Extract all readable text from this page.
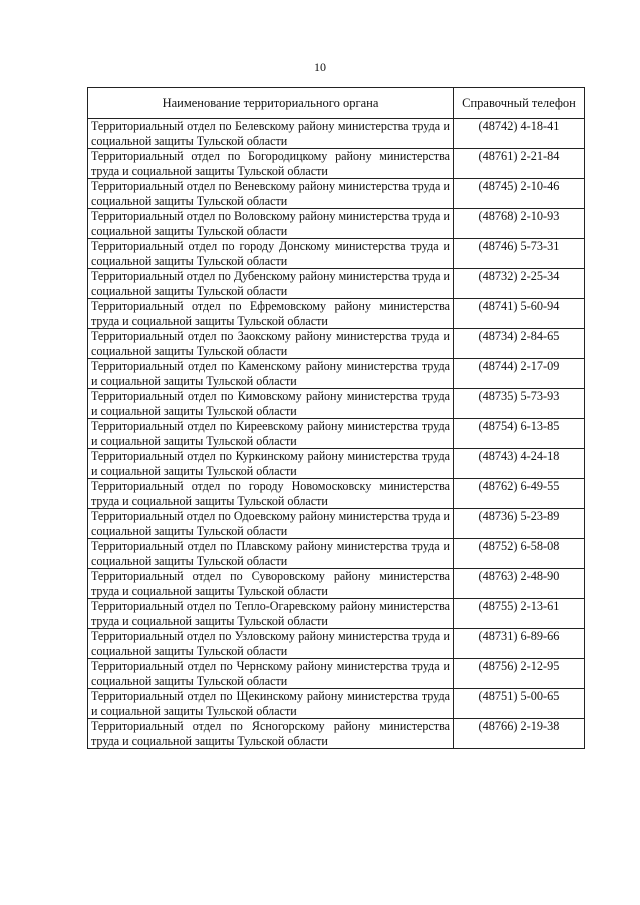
10
Наименование территориального органа	Справочный телефон
Территориальный отдел по Белевскому району министерства труда и социальной защиты Тульской области	(48742) 4-18-41
Территориальный отдел по Богородицкому району министерства труда и социальной защиты Тульской области	(48761) 2-21-84
Территориальный отдел по Веневскому району министерства труда и социальной защиты Тульской области	(48745) 2-10-46
Территориальный отдел по Воловскому району министерства труда и социальной защиты Тульской области	(48768) 2-10-93
Территориальный отдел по городу Донскому министерства труда и социальной защиты Тульской области	(48746) 5-73-31
Территориальный отдел по Дубенскому району министерства труда и социальной защиты Тульской области	(48732) 2-25-34
Территориальный отдел по Ефремовскому району министерства труда и социальной защиты Тульской области	(48741) 5-60-94
Территориальный отдел по Заокскому району министерства труда и социальной защиты Тульской области	(48734) 2-84-65
Территориальный отдел по Каменскому району министерства труда и социальной защиты Тульской области	(48744) 2-17-09
Территориальный отдел по Кимовскому району министерства труда и социальной защиты Тульской области	(48735) 5-73-93
Территориальный отдел по Киреевскому району министерства труда и социальной защиты Тульской области	(48754) 6-13-85
Территориальный отдел по Куркинскому району министерства труда и социальной защиты Тульской области	(48743) 4-24-18
Территориальный отдел по городу Новомосковску министерства труда и социальной защиты Тульской области	(48762) 6-49-55
Территориальный отдел по Одоевскому району министерства труда и социальной защиты Тульской области	(48736) 5-23-89
Территориальный отдел по Плавскому району министерства труда и социальной защиты Тульской области	(48752) 6-58-08
Территориальный отдел по Суворовскому району министерства труда и социальной защиты Тульской области	(48763) 2-48-90
Территориальный отдел по Тепло-Огаревскому району министерства труда и социальной защиты Тульской области	(48755) 2-13-61
Территориальный отдел по Узловскому району министерства труда и социальной защиты Тульской области	(48731) 6-89-66
Территориальный отдел по Чернскому району министерства труда и социальной защиты Тульской области	(48756) 2-12-95
Территориальный отдел по Щекинскому району министерства труда и социальной защиты Тульской области	(48751) 5-00-65
Территориальный отдел по Ясногорскому району министерства труда и социальной защиты Тульской области	(48766) 2-19-38
